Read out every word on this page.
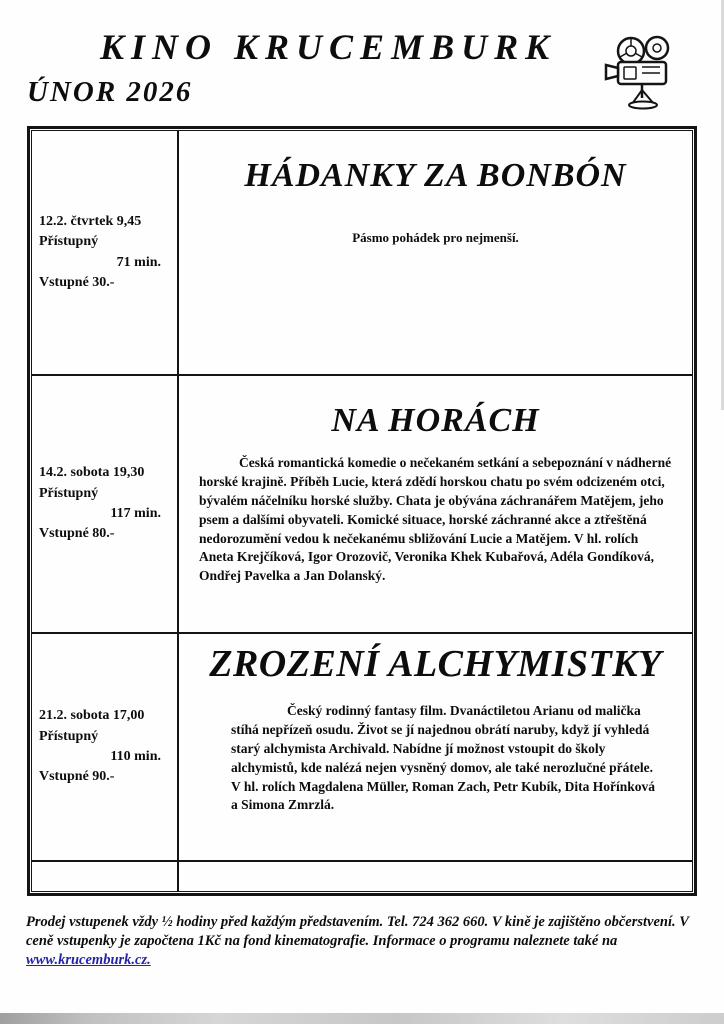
KINO KRUCEMBURK
ÚNOR 2026
12.2. čtvrtek 9,45
Přístupný
71 min.
Vstupné 30.-
HÁDANKY ZA BONBÓN
Pásmo pohádek pro nejmenší.
14.2. sobota 19,30
Přístupný
117 min.
Vstupné 80.-
NA HORÁCH
Česká romantická komedie o nečekaném setkání a sebepoznání v nádherné horské krajině. Příběh Lucie, která zdědí horskou chatu po svém odcizeném otci, bývalém náčelníku horské služby. Chata je obývána záchranářem Matějem, jeho psem a dalšími obyvateli. Komické situace, horské záchranné akce a ztřeštěná nedorozumění vedou k nečekanému sbližování Lucie a Matějem. V hl. rolích Aneta Krejčíková, Igor Orozovič, Veronika Khek Kubařová, Adéla Gondíková, Ondřej Pavelka a Jan Dolanský.
21.2. sobota 17,00
Přístupný
110 min.
Vstupné 90.-
ZROZENÍ ALCHYMISTKY
Český rodinný fantasy film. Dvanáctiletou Arianu od malička stíhá nepřízeň osudu. Život se jí najednou obrátí naruby, když jí vyhledá starý alchymista Archivald. Nabídne jí možnost vstoupit do školy alchymistů, kde nalézá nejen vysněný domov, ale také nerozlučné přátele. V hl. rolích Magdalena Müller, Roman Zach, Petr Kubík, Dita Hořínková a Simona Zmrzlá.
Prodej vstupenek vždy ½ hodiny před každým představením. Tel. 724 362 660. V kině je zajištěno občerstvení. V ceně vstupenky je započtena 1Kč na fond kinematografie. Informace o programu naleznete také na
www.krucemburk.cz.
